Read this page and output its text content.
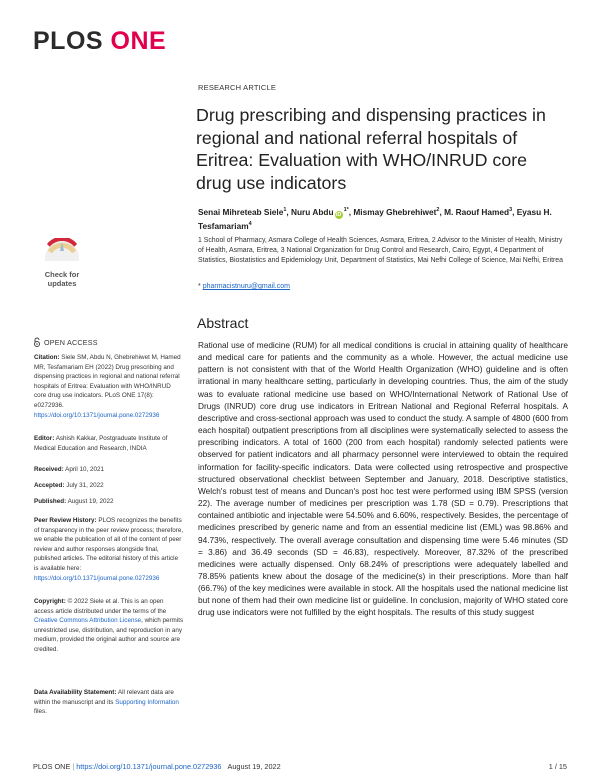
PLOS ONE
Check for
updates
RESEARCH ARTICLE
Drug prescribing and dispensing practices in regional and national referral hospitals of Eritrea: Evaluation with WHO/INRUD core drug use indicators
Senai Mihreteab Siele$^1$, Nuru Abdu $iD^{1*}$, Mismay Ghebrehiwet$^2$, M. Raouf Hamed$^3$, Eyasu H. Tesfamariam$^4$
1 School of Pharmacy, Asmara College of Health Sciences, Asmara, Eritrea, 2 Advisor to the Minister of Health, Ministry of Health, Asmara, Eritrea, 3 National Organization for Drug Control and Research, Cairo, Egypt, 4 Department of Statistics, Biostatistics and Epidemiology Unit, Department of Statistics, Mai Nefhi College of Science, Mai Nefhi, Eritrea
* pharmacistnuru@gmail.com
Abstract
Rational use of medicine (RUM) for all medical conditions is crucial in attaining quality of healthcare and medical care for patients and the community as a whole. However, the actual medicine use pattern is not consistent with that of the World Health Organization (WHO) guideline and is often irrational in many healthcare setting, particularly in developing countries. Thus, the aim of the study was to evaluate rational medicine use based on WHO/International Network of Rational Use of Drugs (INRUD) core drug use indicators in Eritrean National and Regional Referral hospitals. A descriptive and cross-sectional approach was used to conduct the study. A sample of 4800 (600 from each hospital) outpatient prescriptions from all disciplines were systematically selected to assess the prescribing indicators. A total of 1600 (200 from each hospital) randomly selected patients were observed for patient indicators and all pharmacy personnel were interviewed to obtain the required information for facility-specific indicators. Data were collected using retrospective and prospective structured observational checklist between September and January, 2018. Descriptive statistics, Welch's robust test of means and Duncan's post hoc test were performed using IBM SPSS (version 22). The average number of medicines per prescription was 1.78 (SD = 0.79). Prescriptions that contained antibiotic and injectable were 54.50% and 6.60%, respectively. Besides, the percentage of medicines prescribed by generic name and from an essential medicine list (EML) was 98.86% and 94.73%, respectively. The overall average consultation and dispensing time were 5.46 minutes (SD = 3.86) and 36.49 seconds (SD = 46.83), respectively. Moreover, 87.32% of the prescribed medicines were actually dispensed. Only 68.24% of prescriptions were adequately labelled and 78.85% patients knew about the dosage of the medicine(s) in their prescriptions. More than half (66.7%) of the key medicines were available in stock. All the hospitals used the national medicine list but none of them had their own medicine list or guideline. In conclusion, majority of WHO stated core drug use indicators were not fulfilled by the eight hospitals. The results of this study suggest
OPEN ACCESS
Citation: Siele SM, Abdu N, Ghebrehiwet M, Hamed MR, Tesfamariam EH (2022) Drug prescribing and dispensing practices in regional and national referral hospitals of Eritrea: Evaluation with WHO/INRUD core drug use indicators. PLoS ONE 17(8): e0272936. https://doi.org/10.1371/journal.pone.0272936
Editor: Ashish Kakkar, Postgraduate Institute of Medical Education and Research, INDIA
Received: April 10, 2021
Accepted: July 31, 2022
Published: August 19, 2022
Peer Review History: PLOS recognizes the benefits of transparency in the peer review process; therefore, we enable the publication of all of the content of peer review and author responses alongside final, published articles. The editorial history of this article is available here: https://doi.org/10.1371/journal.pone.0272936
Copyright: © 2022 Siele et al. This is an open access article distributed under the terms of the Creative Commons Attribution License, which permits unrestricted use, distribution, and reproduction in any medium, provided the original author and source are credited.
Data Availability Statement: All relevant data are within the manuscript and its Supporting Information files.
PLOS ONE | https://doi.org/10.1371/journal.pone.0272936 August 19, 2022	1 / 15
